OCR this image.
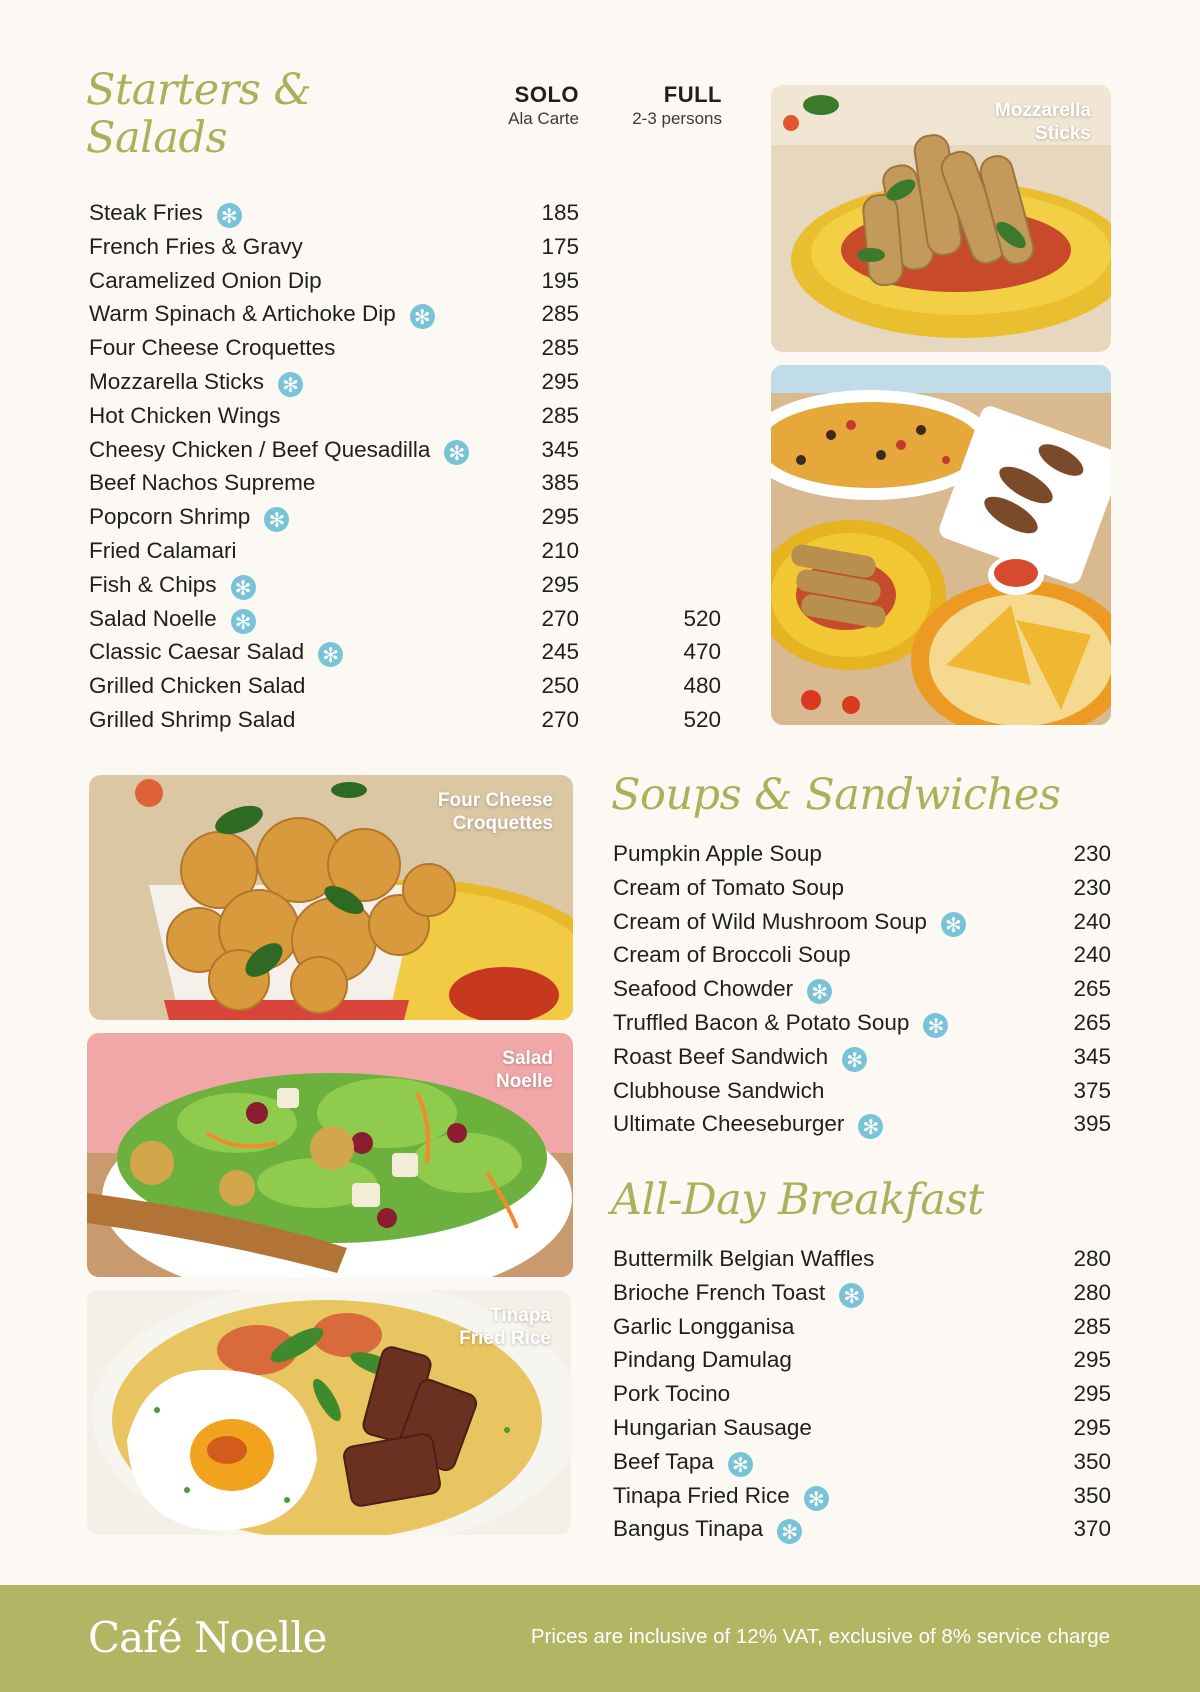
Starters &
Salads
SOLO
Ala Carte
FULL
2-3 persons
Steak Fries ✻	185
French Fries & Gravy	175
Caramelized Onion Dip	195
Warm Spinach & Artichoke Dip ✻	285
Four Cheese Croquettes	285
Mozzarella Sticks ✻	295
Hot Chicken Wings	285
Cheesy Chicken / Beef Quesadilla ✻	345
Beef Nachos Supreme	385
Popcorn Shrimp ✻	295
Fried Calamari	210
Fish & Chips ✻	295
Salad Noelle ✻	270	520
Classic Caesar Salad ✻	245	470
Grilled Chicken Salad	250	480
Grilled Shrimp Salad	270	520
Soups & Sandwiches
Pumpkin Apple Soup	230
Cream of Tomato Soup	230
Cream of Wild Mushroom Soup ✻	240
Cream of Broccoli Soup	240
Seafood Chowder ✻	265
Truffled Bacon & Potato Soup ✻	265
Roast Beef Sandwich ✻	345
Clubhouse Sandwich	375
Ultimate Cheeseburger ✻	395
All-Day Breakfast
Buttermilk Belgian Waffles	280
Brioche French Toast ✻	280
Garlic Longganisa	285
Pindang Damulag	295
Pork Tocino	295
Hungarian Sausage	295
Beef Tapa ✻	350
Tinapa Fried Rice ✻	350
Bangus Tinapa ✻	370
Mozzarella
Sticks
Four Cheese
Croquettes
Salad
Noelle
Tinapa
Fried Rice
Café Noelle	Prices are inclusive of 12% VAT, exclusive of 8% service charge
